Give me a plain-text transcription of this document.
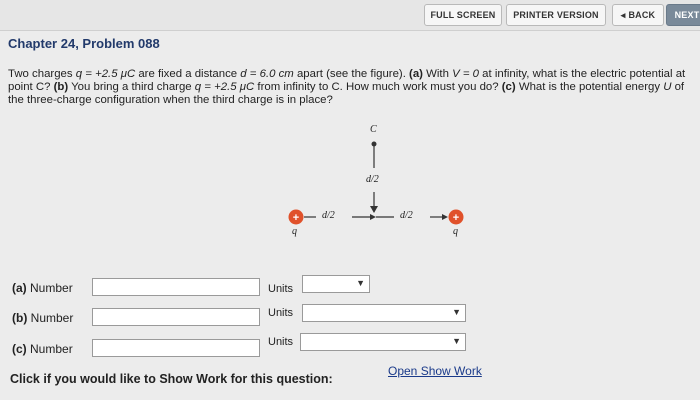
FULL SCREEN	PRINTER VERSION	◂ BACK	NEXT
Chapter 24, Problem 088
Two charges q = +2.5 μC are fixed a distance d = 6.0 cm apart (see the figure). (a) With V = 0 at infinity, what is the electric potential at point C? (b) You bring a third charge q = +2.5 μC from infinity to C. How much work must you do? (c) What is the potential energy U of the three-charge configuration when the third charge is in place?
+	+
C
d/2
d/2	d/2
q	q
(a) Number	Units	▼
(b) Number	Units	▼
(c) Number	Units	▼
Click if you would like to Show Work for this question:
Open Show Work
